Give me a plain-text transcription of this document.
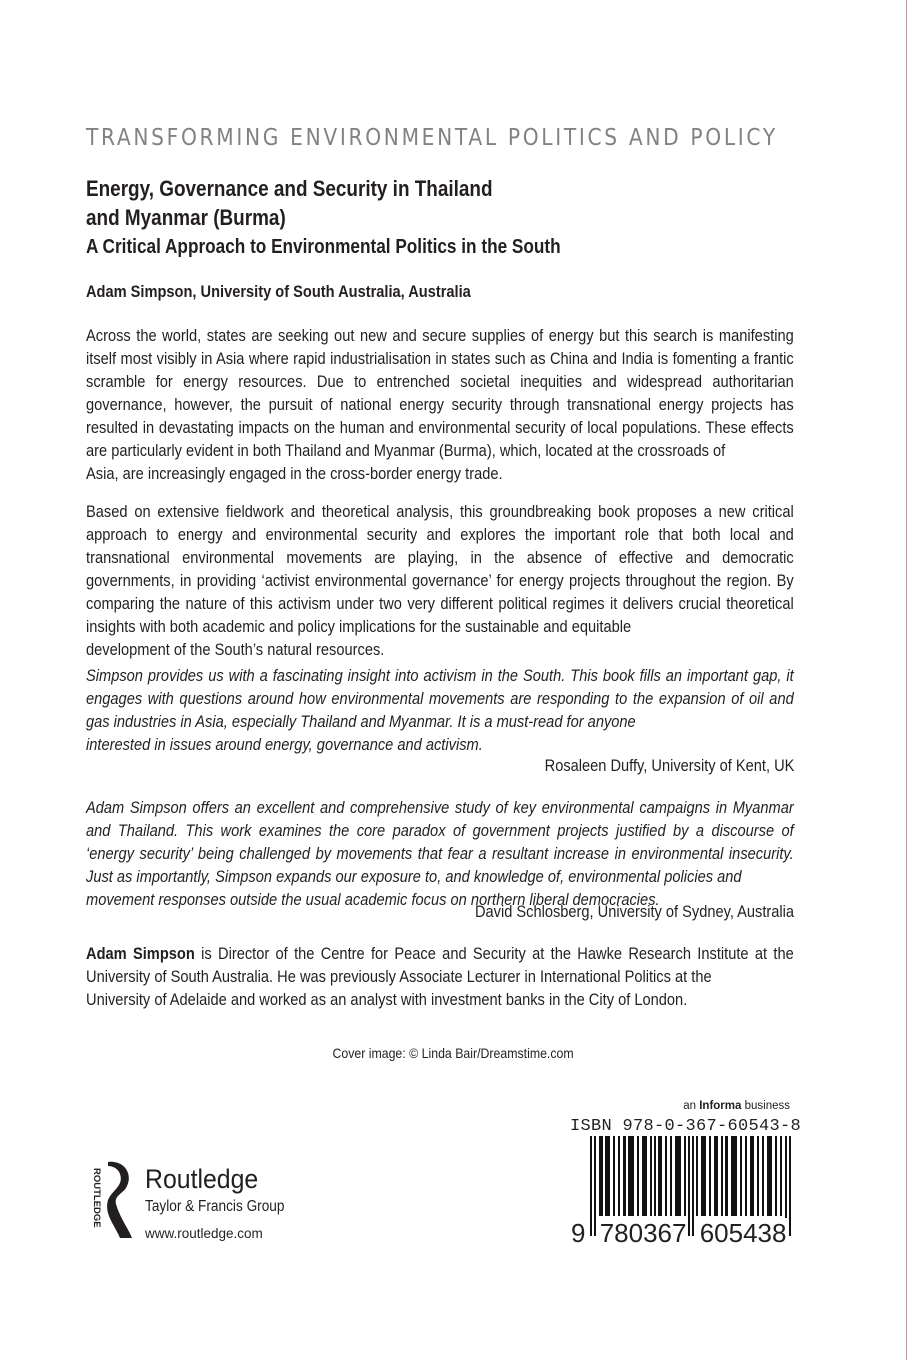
TRANSFORMING ENVIRONMENTAL POLITICS AND POLICY
Energy, Governance and Security in Thailand
and Myanmar (Burma)
A Critical Approach to Environmental Politics in the South
Adam Simpson, University of South Australia, Australia
Across the world, states are seeking out new and secure supplies of energy but this search is manifesting itself most visibly in Asia where rapid industrialisation in states such as China and India is fomenting a frantic scramble for energy resources. Due to entrenched societal inequities and widespread authoritarian governance, however, the pursuit of national energy security through transnational energy projects has resulted in devastating impacts on the human and environmental security of local populations. These effects are particularly evident in both Thailand and Myanmar (Burma), which, located at the crossroads of
Asia, are increasingly engaged in the cross-border energy trade.
Based on extensive fieldwork and theoretical analysis, this groundbreaking book proposes a new critical approach to energy and environmental security and explores the important role that both local and transnational environmental movements are playing, in the absence of effective and democratic governments, in providing ‘activist environmental governance’ for energy projects throughout the region. By comparing the nature of this activism under two very different political regimes it delivers crucial theoretical insights with both academic and policy implications for the sustainable and equitable
development of the South’s natural resources.
Simpson provides us with a fascinating insight into activism in the South. This book fills an important gap, it engages with questions around how environmental movements are responding to the expansion of oil and gas industries in Asia, especially Thailand and Myanmar. It is a must-read for anyone
interested in issues around energy, governance and activism.
Rosaleen Duffy, University of Kent, UK
Adam Simpson offers an excellent and comprehensive study of key environmental campaigns in Myanmar and Thailand. This work examines the core paradox of government projects justified by a discourse of ‘energy security’ being challenged by movements that fear a resultant increase in environmental insecurity. Just as importantly, Simpson expands our exposure to, and knowledge of, environmental policies and
movement responses outside the usual academic focus on northern liberal democracies.
David Schlosberg, University of Sydney, Australia
Adam Simpson is Director of the Centre for Peace and Security at the Hawke Research Institute at the University of South Australia. He was previously Associate Lecturer in International Politics at the
University of Adelaide and worked as an analyst with investment banks in the City of London.
Cover image: © Linda Bair/Dreamstime.com
an Informa business
ISBN 978-0-367-60543-8
9 780367 605438
ROUTLEDGE Routledge
Taylor & Francis Group
www.routledge.com
